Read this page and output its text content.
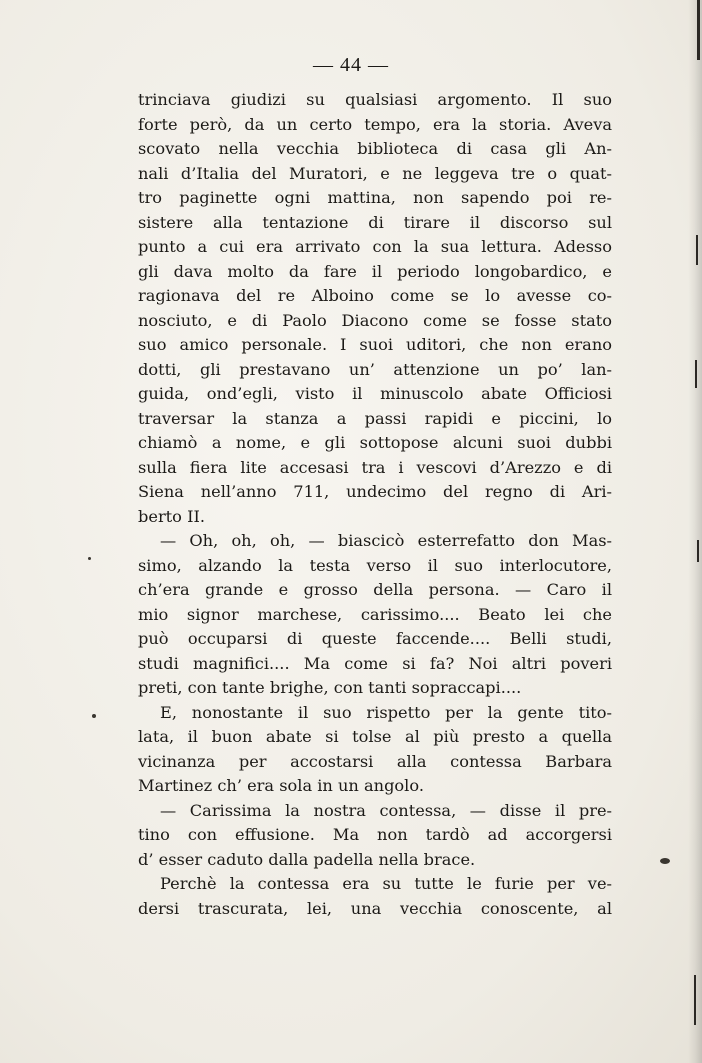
— 44 —
trinciava giudizi su qualsiasi argomento. Il suo
forte però, da un certo tempo, era la storia. Aveva
scovato nella vecchia biblioteca di casa gli An-
nali d’Italia del Muratori, e ne leggeva tre o quat-
tro paginette ogni mattina, non sapendo poi re-
sistere alla tentazione di tirare il discorso sul
punto a cui era arrivato con la sua lettura. Adesso
gli dava molto da fare il periodo longobardico, e
ragionava del re Alboino come se lo avesse co-
nosciuto, e di Paolo Diacono come se fosse stato
suo amico personale. I suoi uditori, che non erano
dotti, gli prestavano un’ attenzione un po’ lan-
guida, ond’egli, visto il minuscolo abate Officiosi
traversar la stanza a passi rapidi e piccini, lo
chiamò a nome, e gli sottopose alcuni suoi dubbi
sulla fiera lite accesasi tra i vescovi d’Arezzo e di
Siena nell’anno 711, undecimo del regno di Ari-
berto II.
— Oh, oh, oh, — biascicò esterrefatto don Mas-
simo, alzando la testa verso il suo interlocutore,
ch’era grande e grosso della persona. — Caro il
mio signor marchese, carissimo.... Beato lei che
può occuparsi di queste faccende.... Belli studi,
studi magnifici.... Ma come si fa? Noi altri poveri
preti, con tante brighe, con tanti sopraccapi....
E, nonostante il suo rispetto per la gente tito-
lata, il buon abate si tolse al più presto a quella
vicinanza per accostarsi alla contessa Barbara
Martinez ch’ era sola in un angolo.
— Carissima la nostra contessa, — disse il pre-
tino con effusione. Ma non tardò ad accorgersi
d’ esser caduto dalla padella nella brace.
Perchè la contessa era su tutte le furie per ve-
dersi trascurata, lei, una vecchia conoscente, al
